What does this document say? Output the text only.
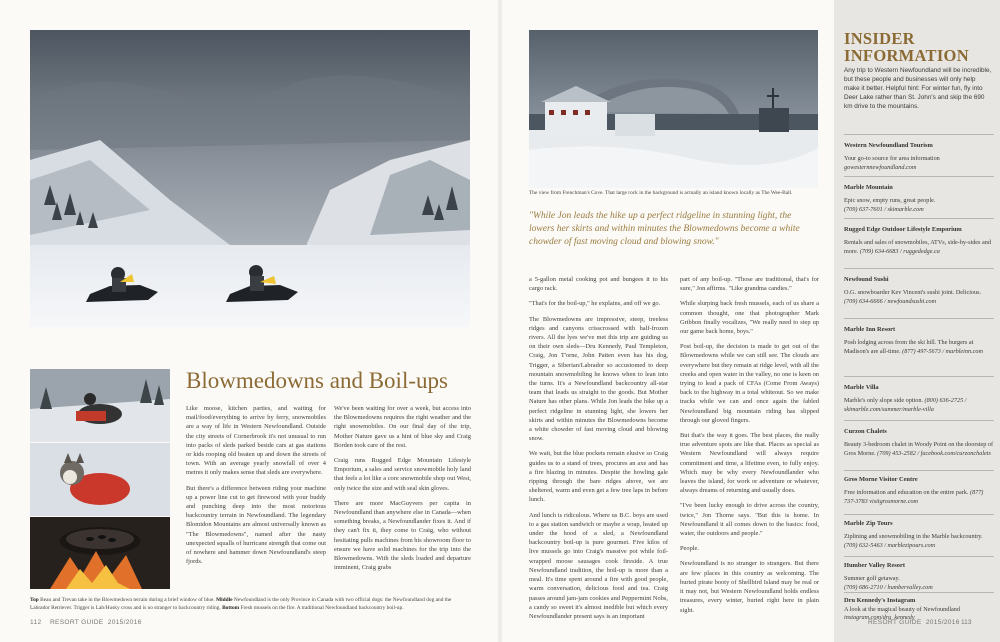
Blowmedowns and Boil-ups

Like moose, kitchen parties, and waiting for mail/food/everything to arrive by ferry, snowmobiles are a way of life in Western Newfoundland. Outside the city streets of Cornerbrook it's not unusual to run into packs of sleds parked beside cars at gas stations or kids rooping old beaten up and down the streets of town. With an average yearly snowfall of over 4 metres it only makes sense that sleds are everywhere.

But there's a difference between riding your machine up a power line cut to get firewood with your buddy and punching deep into the most notorious backcountry terrain in Newfoundland. The legendary Blomidon Mountains are almost universally known as "The Blowmedowns", named after the nasty unexpected squalls of hurricane strength that come out of nowhere and hammer down Newfoundland's steep fjords.

We've been waiting for over a week, but access into the Blowmedowns requires the right weather and the right snowmobiles. On our final day of the trip, Mother Nature gave us a hint of blue sky and Craig Borden took care of the rest.

Craig runs Rugged Edge Mountain Lifestyle Emporium, a sales and service snowmobile holy land that feels a lot like a core snowmobile shop out West, only twice the size and with seal skin gloves.

There are more MacGuyvers per capita in Newfoundland than anywhere else in Canada—when something breaks, a Newfoundlander fixes it. And if they can't fix it, they come to Craig, who without hesitating pulls machines from his showroom floor to ensure we have solid machines for the trip into the Blowmedowns. With the sleds loaded and departure imminent, Craig grabs

Top Beau and Trevan take in the Blowmedown terrain during a brief window of blue. Middle Newfoundland is the only Province in Canada with two official dogs: the Newfoundland dog and the Labrador Retriever. Trigger is Lab/Husky cross and is no stranger to backcountry riding. Bottom Fresh mussels on the fire. A traditional Newfoundland backcountry boil-up.
112 RESORT GUIDE 2015/2016
The view from Frenchman's Cove. That large rock in the background is actually an island known locally as The Wee-Ball.
"While Jon leads the hike up a perfect ridgeline in stunning light, the lowers her skirts and within minutes the Blowmedowns become a white chowder of fast moving cloud and blowing snow."

a 5-gallon metal cooking pot and bungees it to his cargo rack.

"That's for the boil-up," he explains, and off we go.

The Blowmedowns are impressive, steep, treeless ridges and canyons crisscrossed with half-frozen rivers. All the lyes we've met this trip are guiding us on their own sleds—Dru Kennedy, Paul Templeton, Craig, Jon T'orne, John Patten even has his dog, Trigger, a Siberian/Labrador so accustomed to deep mountain snowmobiling he knows when to lean into the turns. It's a Newfoundland backcountry all-star team that leads us straight to the goods. But Mother Nature has other plans. While Jon leads the hike up a perfect ridgeline in stunning light, she lowers her skirts and within minutes the Blowmedowns become a white chowder of fast moving cloud and blowing snow.

We wait, but the blue pockets remain elusive so Craig guides us to a stand of trees, procures an axe and has a fire blazing in minutes. Despite the howling gale ripping through the bare ridges above, we are sheltered, warm and even get a few tree laps in before lunch.

And lunch is ridiculous. Where us B.C. boys are used to a gas station sandwich or maybe a wrap, heated up under the hood of a sled, a Newfoundland backcountry boil-up is pure gourmet. Five kilos of live mussels go into Craig's massive pot while foil-wrapped moose sausages cook fireside. A true Newfoundland tradition, the boil-up is more than a meal. It's time spent around a fire with good people, warm conversation, delicious food and tea. Craig passes around jam-jam cookies and Peppermint Nobs, a candy so sweet it's almost inedible but which every Newfoundlander present says is an important

part of any boil-up. "Those are traditional, that's for sure," Jon affirms. "Like grandma candies."

While slurping back fresh mussels, each of us share a common thought, one that photographer Mark Gribbon finally vocalizes, "We really need to step up our game back home, boys."

Post boil-up, the decision is made to get out of the Blowmedowns while we can still see. The clouds are everywhere but they remain at ridge level, with all the creeks and open water in the valley, no one is keen on trying to lead a pack of CFAs (Come From Aways) back to the highway in a total whiteout. So we make tracks while we can and once again the fabled Newfoundland big mountain riding has slipped through our gloved fingers.

But that's the way it goes. The best places, the really true adventure spots are like that. Places as special as Western Newfoundland will always require commitment and time, a lifetime even, to fully enjoy. Which may be why every Newfoundlander who leaves the island, for work or adventure or whatever, always dreams of returning and usually does.

"I've been lucky enough to drive across the country, twice," Jon Thorne says. "But this is home. In Newfoundland it all comes down to the basics: food, water, the outdoors and people."

People.

Newfoundland is no stranger to strangers. But there are few places in this country as welcoming. The buried pirate booty of Shellbird Island may be real or it may not, but Western Newfoundland holds endless treasures, every winter, buried right here in plain sight.

INSIDER
INFORMATION
Any trip to Western Newfoundland will be incredible, but these people and businesses will only help make it better. Helpful hint: For winter fun, fly into Deer Lake rather than St. John's and skip the 690 km drive to the mountains.
Western Newfoundland Tourism
Your go-to source for area information
gowesternnewfoundland.com
Marble Mountain
Epic snow, empty runs, great people.
(709) 637-7601 / skimarble.com
Rugged Edge Outdoor Lifestyle Emporium
Rentals and sales of snowmobiles, ATVs, side-by-sides and more. (709) 634-6683 / ruggededge.ca
Newfound Sushi
O.G. snowboarder Kev Vincent's sushi joint. Delicious. (709) 634-6666 / newfoundsushi.com
Marble Inn Resort
Posh lodging across from the ski hill. The burgers at Madison's are all-time. (877) 497-5673 / marbleinn.com
Marble Villa
Marble's only slope side option. (800) 636-2725 / skimarble.com/summer/marble-villa
Curzon Chalets
Beauty 3-bedroom chalet in Woody Point on the doorstep of Gros Morne. (709) 453-2582 / facebook.com/curzonchalets
Gros Morne Visitor Centre
Free information and education on the entire park. (877) 737-3783 visitgrosmorne.com
Marble Zip Tours
Ziplining and snowmobiling in the Marble backcountry. (709) 632-5463 / marblezipours.com
Humber Valley Resort
Summer golf getaway.
(709) 686-2710 / humbervalley.com
Dru Kennedy's Instagram
A look at the magical beauty of Newfoundland
instagram.com/dru_kennedy
RESORT GUIDE 2015/2016 113
